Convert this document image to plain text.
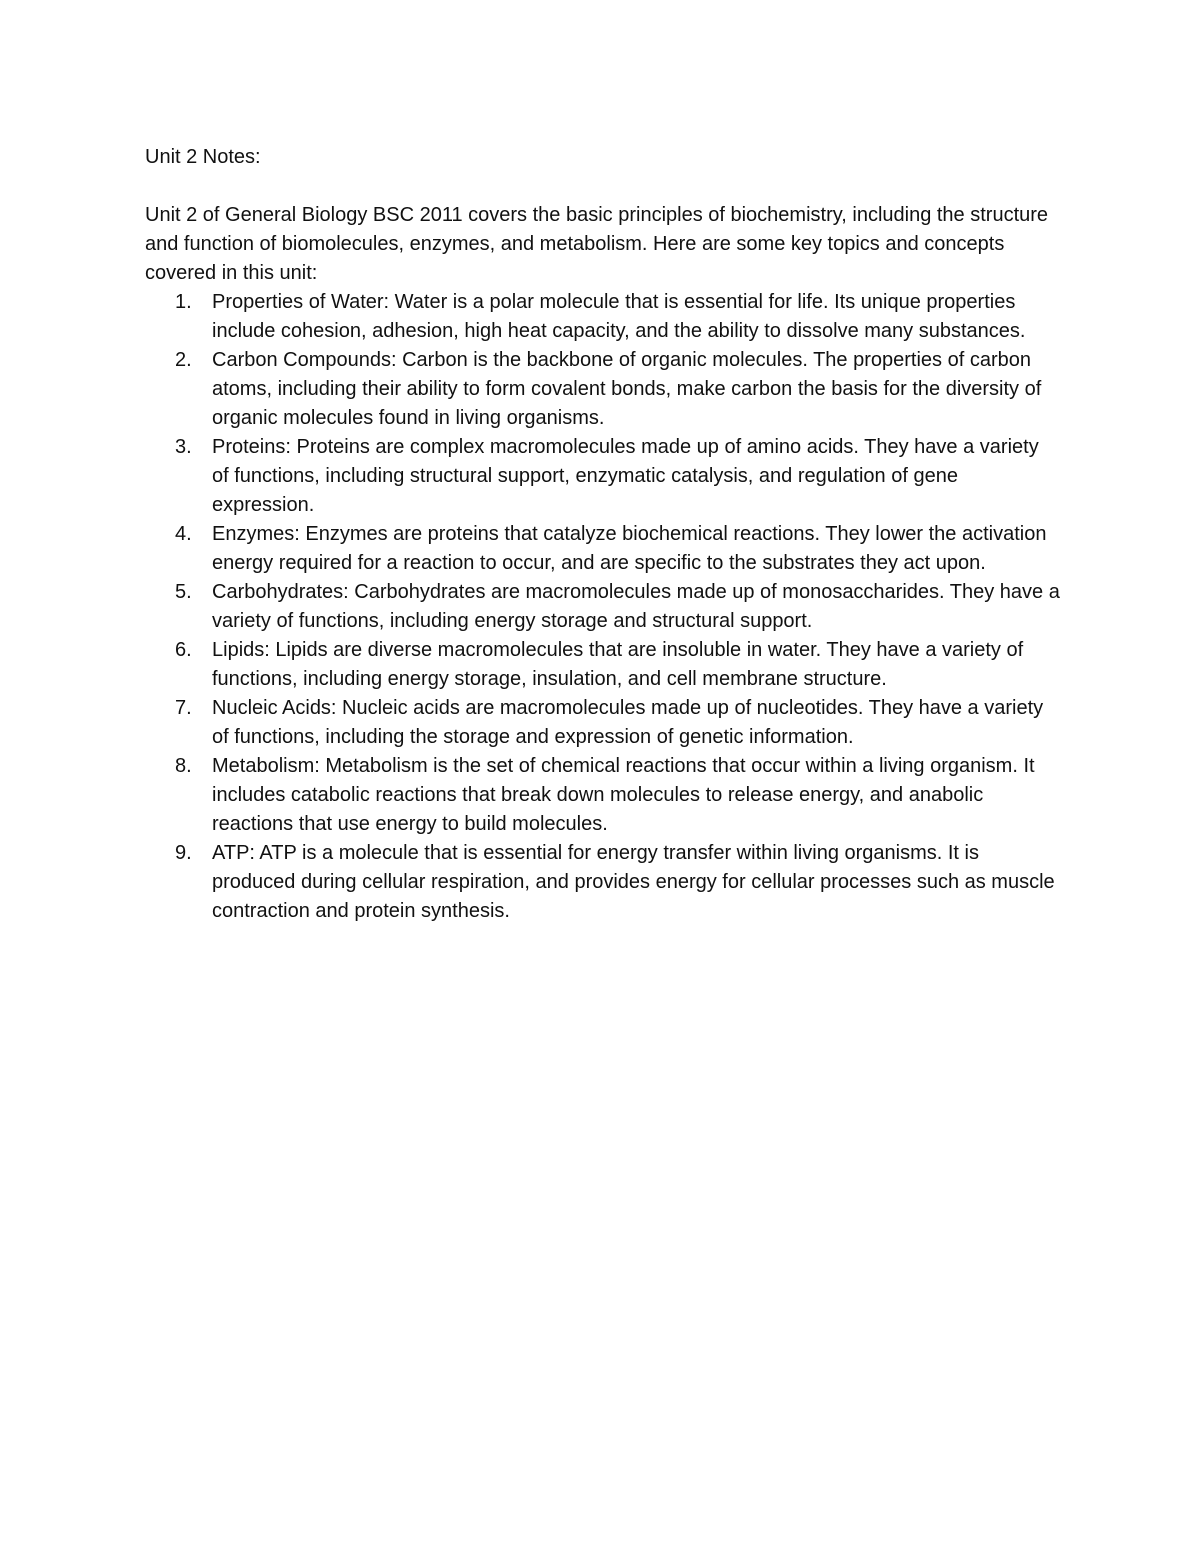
Unit 2 Notes:

Unit 2 of General Biology BSC 2011 covers the basic principles of biochemistry, including the structure and function of biomolecules, enzymes, and metabolism. Here are some key topics and concepts covered in this unit:

1. Properties of Water: Water is a polar molecule that is essential for life. Its unique properties include cohesion, adhesion, high heat capacity, and the ability to dissolve many substances.
2. Carbon Compounds: Carbon is the backbone of organic molecules. The properties of carbon atoms, including their ability to form covalent bonds, make carbon the basis for the diversity of organic molecules found in living organisms.
3. Proteins: Proteins are complex macromolecules made up of amino acids. They have a variety of functions, including structural support, enzymatic catalysis, and regulation of gene expression.
4. Enzymes: Enzymes are proteins that catalyze biochemical reactions. They lower the activation energy required for a reaction to occur, and are specific to the substrates they act upon.
5. Carbohydrates: Carbohydrates are macromolecules made up of monosaccharides. They have a variety of functions, including energy storage and structural support.
6. Lipids: Lipids are diverse macromolecules that are insoluble in water. They have a variety of functions, including energy storage, insulation, and cell membrane structure.
7. Nucleic Acids: Nucleic acids are macromolecules made up of nucleotides. They have a variety of functions, including the storage and expression of genetic information.
8. Metabolism: Metabolism is the set of chemical reactions that occur within a living organism. It includes catabolic reactions that break down molecules to release energy, and anabolic reactions that use energy to build molecules.
9. ATP: ATP is a molecule that is essential for energy transfer within living organisms. It is produced during cellular respiration, and provides energy for cellular processes such as muscle contraction and protein synthesis.
